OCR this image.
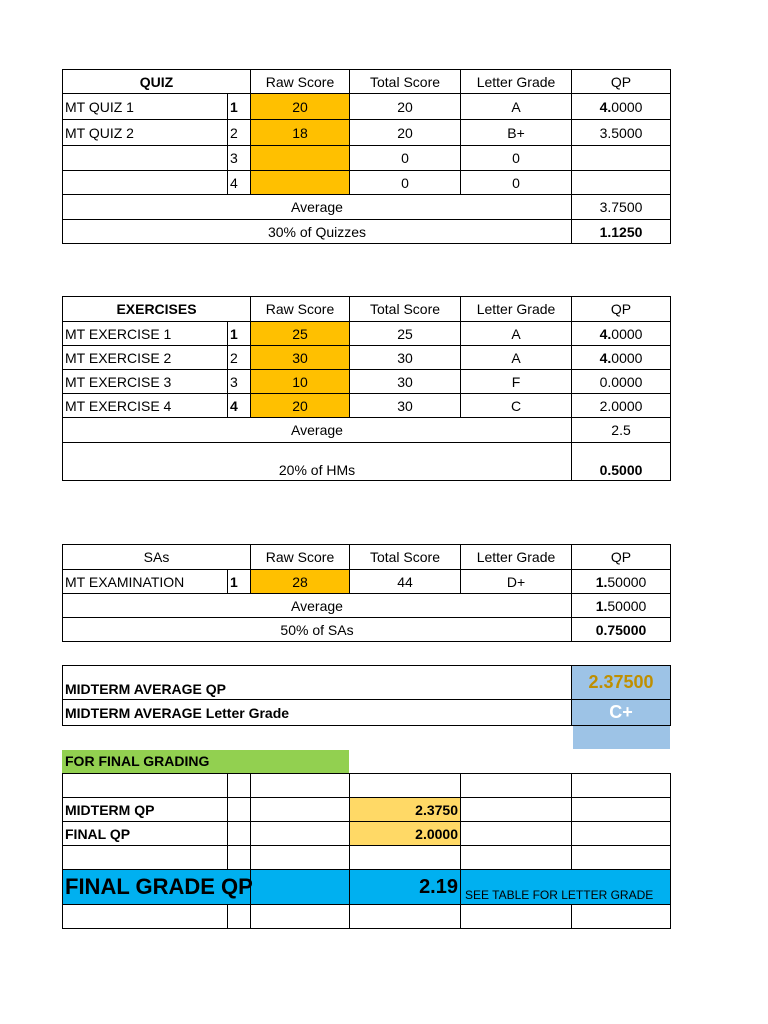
QUIZ		Raw Score	Total Score	Letter Grade	QP
MT QUIZ 1	1	20	20	A	4.0000
MT QUIZ 2	2	18	20	B+	3.5000
	3		0	0	
	4		0	0	
Average					3.7500
30% of Quizzes					1.1250
EXERCISES		Raw Score	Total Score	Letter Grade	QP
MT EXERCISE 1	1	25	25	A	4.0000
MT EXERCISE 2	2	30	30	A	4.0000
MT EXERCISE 3	3	10	30	F	0.0000
MT EXERCISE 4	4	20	30	C	2.0000
Average					2.5
20% of HMs					0.5000
SAs		Raw Score	Total Score	Letter Grade	QP
MT EXAMINATION	1	28	44	D+	1.50000
Average					1.50000
50% of SAs					0.75000
MIDTERM AVERAGE QP	2.37500
MIDTERM AVERAGE Letter Grade	C+
FOR FINAL GRADING

MIDTERM QP			2.3750		
FINAL QP			2.0000		

FINAL GRADE QP			2.19	SEE TABLE FOR LETTER GRADE	
